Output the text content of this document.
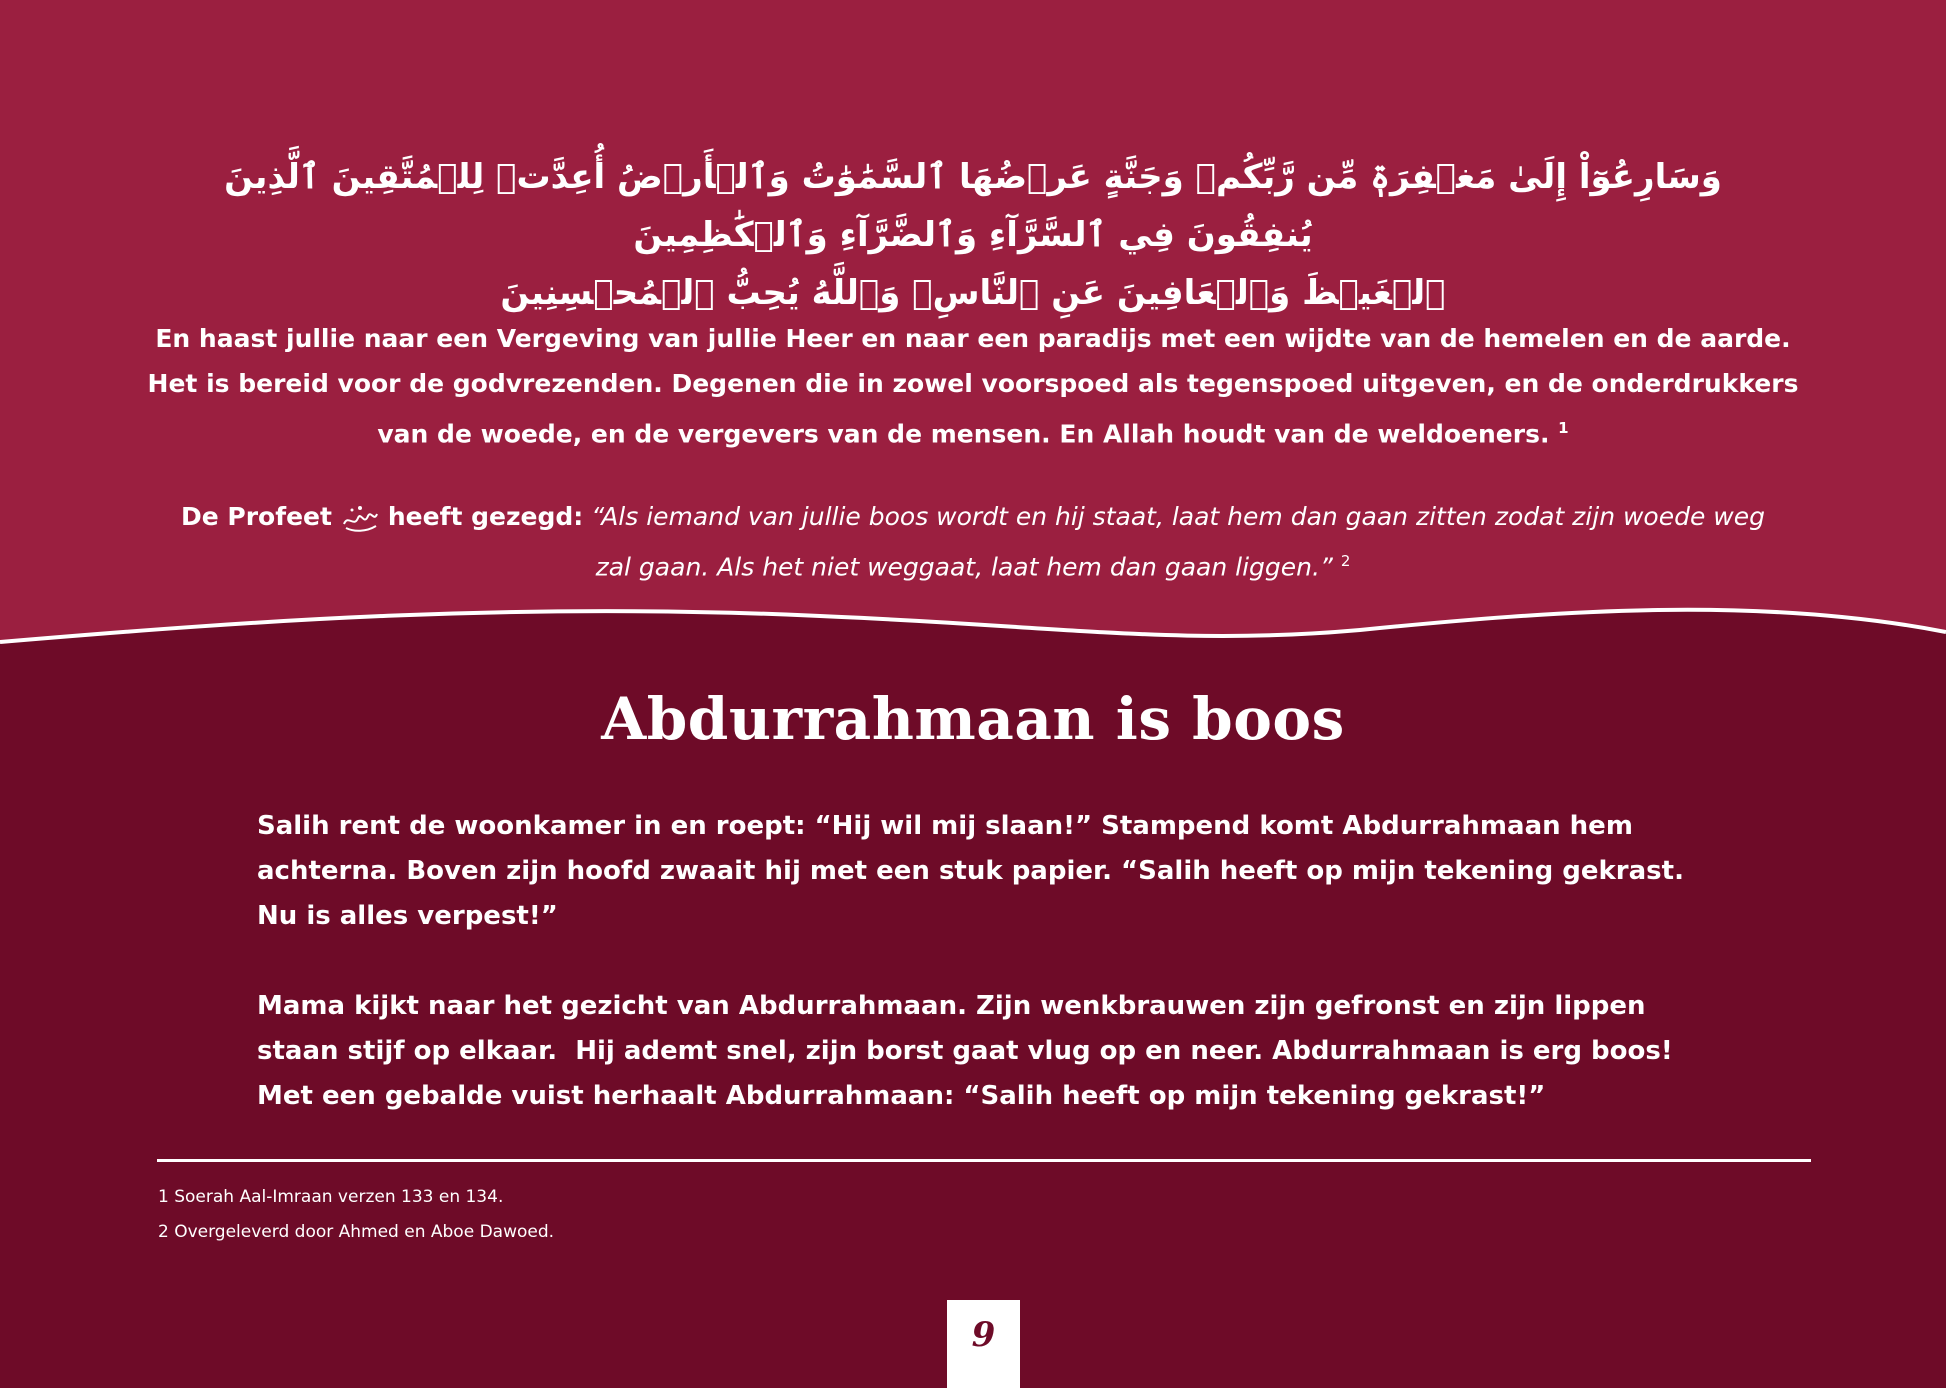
وَسَارِعُوٓاْ إِلَىٰ مَغۡفِرَةٖ مِّن رَّبِّكُمۡ وَجَنَّةٍ عَرۡضُهَا ٱلسَّمَٰوَٰتُ وَٱلۡأَرۡضُ أُعِدَّتۡ لِلۡمُتَّقِينَ ٱلَّذِينَ يُنفِقُونَ فِي ٱلسَّرَّآءِ وَٱلضَّرَّآءِ وَٱلۡكَٰظِمِينَ
ٱلۡغَيۡظَ وَٱلۡعَافِينَ عَنِ ٱلنَّاسِۗ وَٱللَّهُ يُحِبُّ ٱلۡمُحۡسِنِينَ
En haast jullie naar een Vergeving van jullie Heer en naar een paradijs met een wijdte van de hemelen en de aarde.
Het is bereid voor de godvrezenden. Degenen die in zowel voorspoed als tegenspoed uitgeven, en de onderdrukkers
van de woede, en de vergevers van de mensen. En Allah houdt van de weldoeners. $^1$
De Profeet heeft gezegd: “Als iemand van jullie boos wordt en hij staat, laat hem dan gaan zitten zodat zijn woede weg zal gaan. Als het niet weggaat, laat hem dan gaan liggen.” $^2$
Abdurrahmaan is boos

Salih rent de woonkamer in en roept: “Hij wil mij slaan!” Stampend komt Abdurrahmaan hem achterna. Boven zijn hoofd zwaait hij met een stuk papier. “Salih heeft op mijn tekening gekrast. Nu is alles verpest!”

Mama kijkt naar het gezicht van Abdurrahmaan. Zijn wenkbrauwen zijn gefronst en zijn lippen staan stijf op elkaar.  Hij ademt snel, zijn borst gaat vlug op en neer. Abdurrahmaan is erg boos! Met een gebalde vuist herhaalt Abdurrahmaan: “Salih heeft op mijn tekening gekrast!”

1 Soerah Aal-Imraan verzen 133 en 134.
2 Overgeleverd door Ahmed en Aboe Dawoed.
9
